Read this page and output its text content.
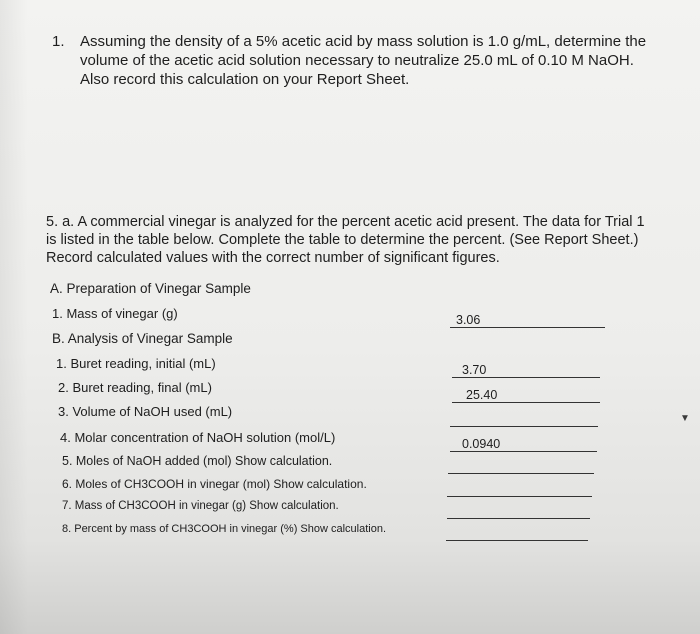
1. Assuming the density of a 5% acetic acid by mass solution is 1.0 g/mL, determine the volume of the acetic acid solution necessary to neutralize 25.0 mL of 0.10 M NaOH. Also record this calculation on your Report Sheet.
5. a. A commercial vinegar is analyzed for the percent acetic acid present. The data for Trial 1 is listed in the table below. Complete the table to determine the percent. (See Report Sheet.) Record calculated values with the correct number of significant figures.
A. Preparation of Vinegar Sample
1. Mass of vinegar (g)	3.06
B. Analysis of Vinegar Sample
1. Buret reading, initial (mL)	3.70
2. Buret reading, final (mL)	25.40
3. Volume of NaOH used (mL)
4. Molar concentration of NaOH solution (mol/L)	0.0940
5. Moles of NaOH added (mol) Show calculation.
6. Moles of CH3COOH in vinegar (mol) Show calculation.
7. Mass of CH3COOH in vinegar (g) Show calculation.
8. Percent by mass of CH3COOH in vinegar (%) Show calculation.
▼
